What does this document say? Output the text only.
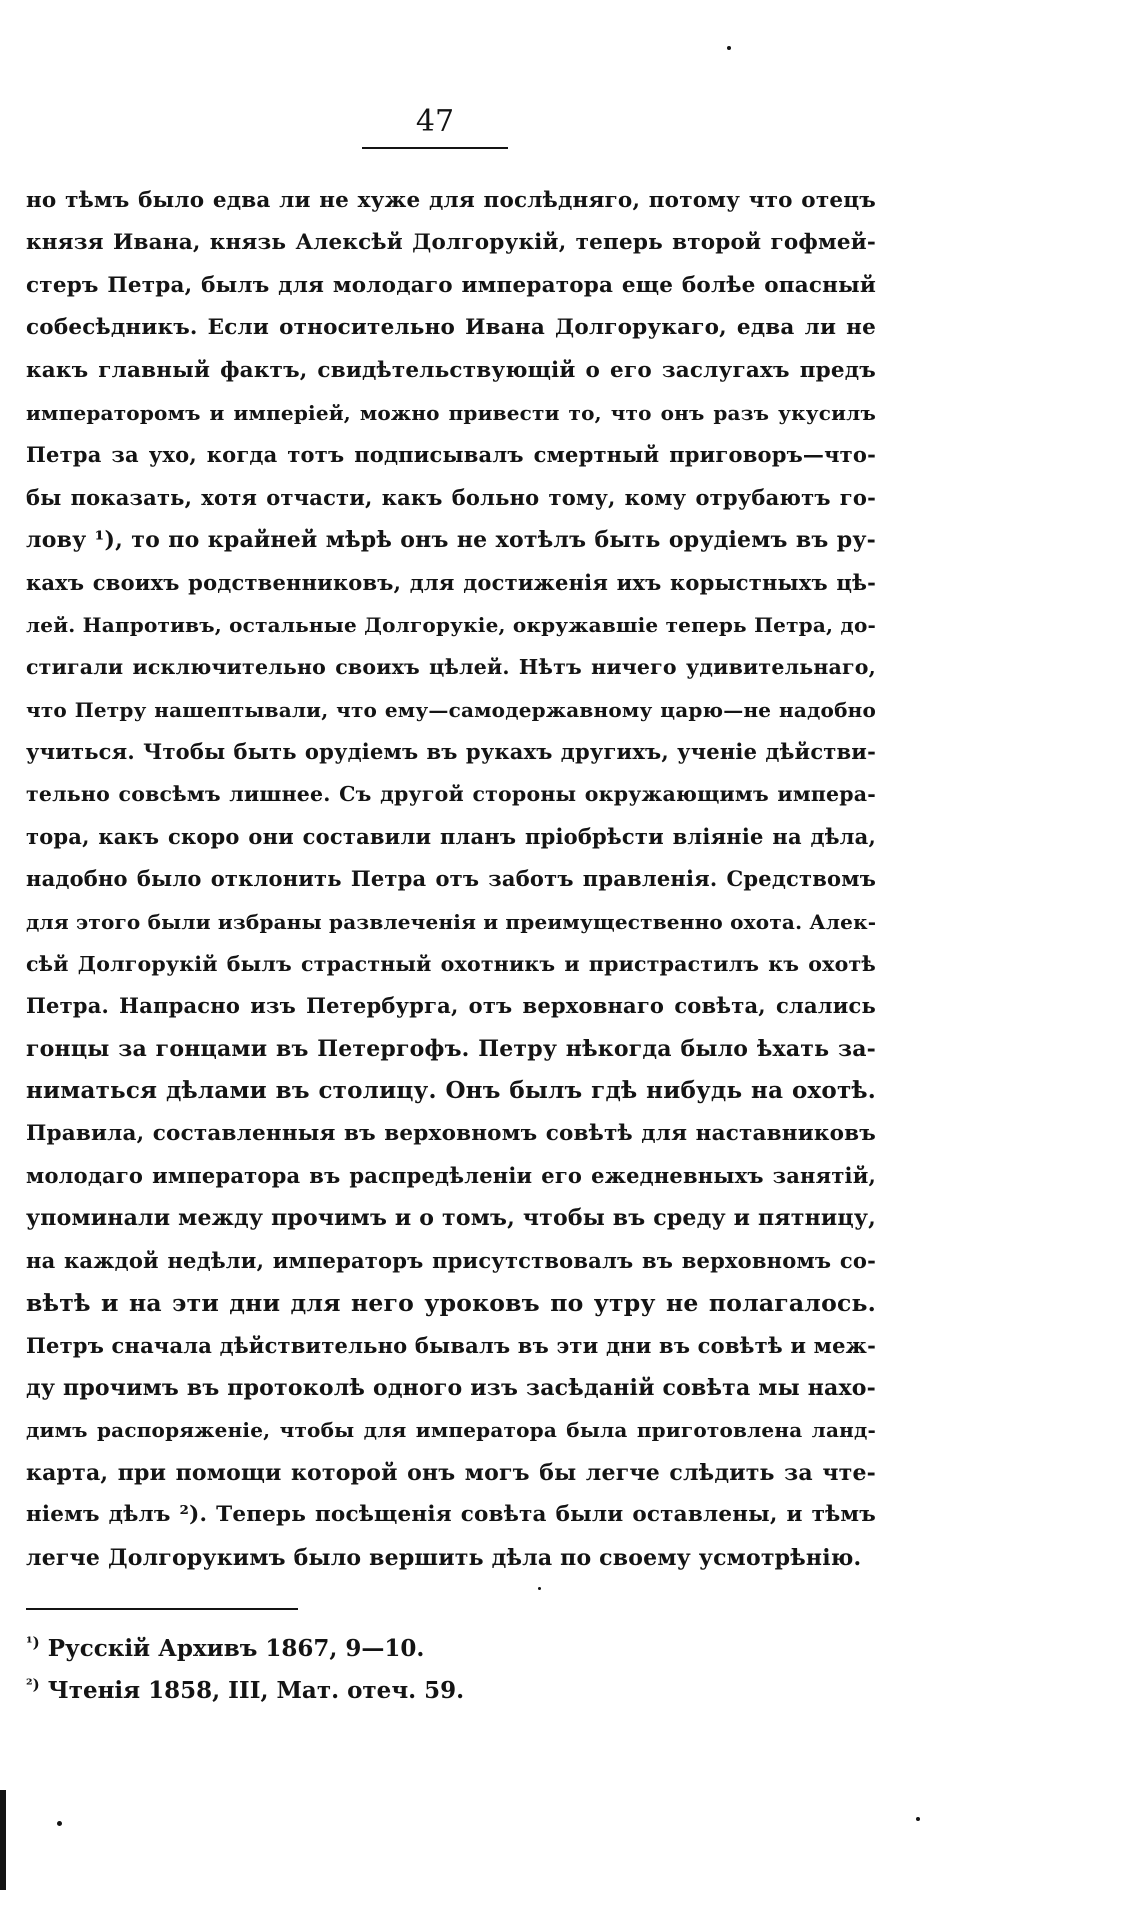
47
но тѣмъ было едва ли не хуже для послѣдняго, потому что отецъ
князя Ивана, князь Алексѣй Долгорукій, теперь второй гофмей-
стеръ Петра, былъ для молодаго императора еще болѣе опасный
собесѣдникъ. Если относительно Ивана Долгорукаго, едва ли не
какъ главный фактъ, свидѣтельствующій о его заслугахъ предъ
императоромъ и имперіей, можно привести то, что онъ разъ укусилъ
Петра за ухо, когда тотъ подписывалъ смертный приговоръ—что-
бы показать, хотя отчасти, какъ больно тому, кому отрубаютъ го-
лову ¹), то по крайней мѣрѣ онъ не хотѣлъ быть орудіемъ въ ру-
кахъ своихъ родственниковъ, для достиженія ихъ корыстныхъ цѣ-
лей. Напротивъ, остальные Долгорукіе, окружавшіе теперь Петра, до-
стигали исключительно своихъ цѣлей. Нѣтъ ничего удивительнаго,
что Петру нашептывали, что ему—самодержавному царю—не надобно
учиться. Чтобы быть орудіемъ въ рукахъ другихъ, ученіе дѣйстви-
тельно совсѣмъ лишнее. Съ другой стороны окружающимъ импера-
тора, какъ скоро они составили планъ пріобрѣсти вліяніе на дѣла,
надобно было отклонить Петра отъ заботъ правленія. Средствомъ
для этого были избраны развлеченія и преимущественно охота. Алек-
сѣй Долгорукій былъ страстный охотникъ и пристрастилъ къ охотѣ
Петра. Напрасно изъ Петербурга, отъ верховнаго совѣта, слались
гонцы за гонцами въ Петергофъ. Петру нѣкогда было ѣхать за-
ниматься дѣлами въ столицу. Онъ былъ гдѣ нибудь на охотѣ.
Правила, составленныя въ верховномъ совѣтѣ для наставниковъ
молодаго императора въ распредѣленіи его ежедневныхъ занятій,
упоминали между прочимъ и о томъ, чтобы въ среду и пятницу,
на каждой недѣли, императоръ присутствовалъ въ верховномъ со-
вѣтѣ и на эти дни для него уроковъ по утру не полагалось.
Петръ сначала дѣйствительно бывалъ въ эти дни въ совѣтѣ и меж-
ду прочимъ въ протоколѣ одного изъ засѣданій совѣта мы нахо-
димъ распоряженіе, чтобы для императора была приготовлена ланд-
карта, при помощи которой онъ могъ бы легче слѣдить за чте-
ніемъ дѣлъ ²). Теперь посѣщенія совѣта были оставлены, и тѣмъ
легче Долгорукимъ было вершить дѣла по своему усмотрѣнію.
$^{^1)}$ Русскій Архивъ 1867, 9—10.
$^{^2)}$ Чтенія 1858, III, Мат. отеч. 59.
